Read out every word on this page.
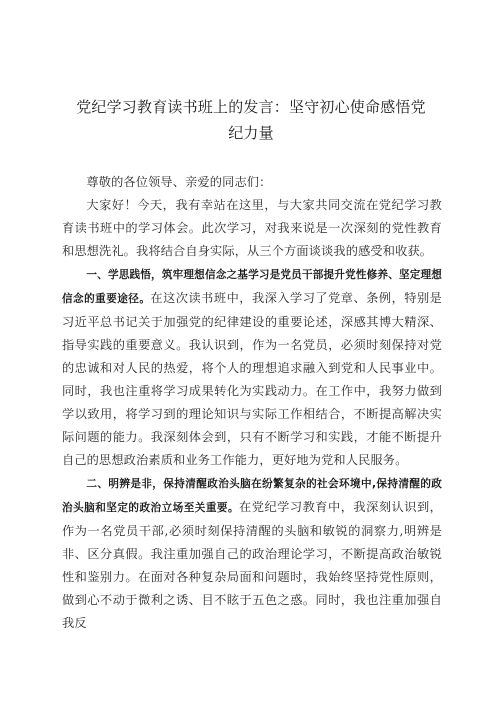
党纪学习教育读书班上的发言：坚守初心使命感悟党纪力量

尊敬的各位领导、亲爱的同志们：

大家好！今天，我有幸站在这里，与大家共同交流在党纪学习教育读书班中的学习体会。此次学习，对我来说是一次深刻的党性教育和思想洗礼。我将结合自身实际，从三个方面谈谈我的感受和收获。

一、学思践悟，筑牢理想信念之基学习是党员干部提升党性修养、坚定理想信念的重要途径。在这次读书班中，我深入学习了党章、条例，特别是习近平总书记关于加强党的纪律建设的重要论述，深感其博大精深、指导实践的重要意义。我认识到，作为一名党员，必须时刻保持对党的忠诚和对人民的热爱，将个人的理想追求融入到党和人民事业中。同时，我也注重将学习成果转化为实践动力。在工作中，我努力做到学以致用，将学习到的理论知识与实际工作相结合，不断提高解决实际问题的能力。我深刻体会到，只有不断学习和实践，才能不断提升自己的思想政治素质和业务工作能力，更好地为党和人民服务。

二、明辨是非，保持清醒政治头脑在纷繁复杂的社会环境中,保持清醒的政治头脑和坚定的政治立场至关重要。在党纪学习教育中，我深刻认识到，作为一名党员干部,必须时刻保持清醒的头脑和敏锐的洞察力,明辨是非、区分真假。我注重加强自己的政治理论学习，不断提高政治敏锐性和鉴别力。在面对各种复杂局面和问题时，我始终坚持党性原则，做到心不动于微利之诱、目不眩于五色之惑。同时，我也注重加强自我反
